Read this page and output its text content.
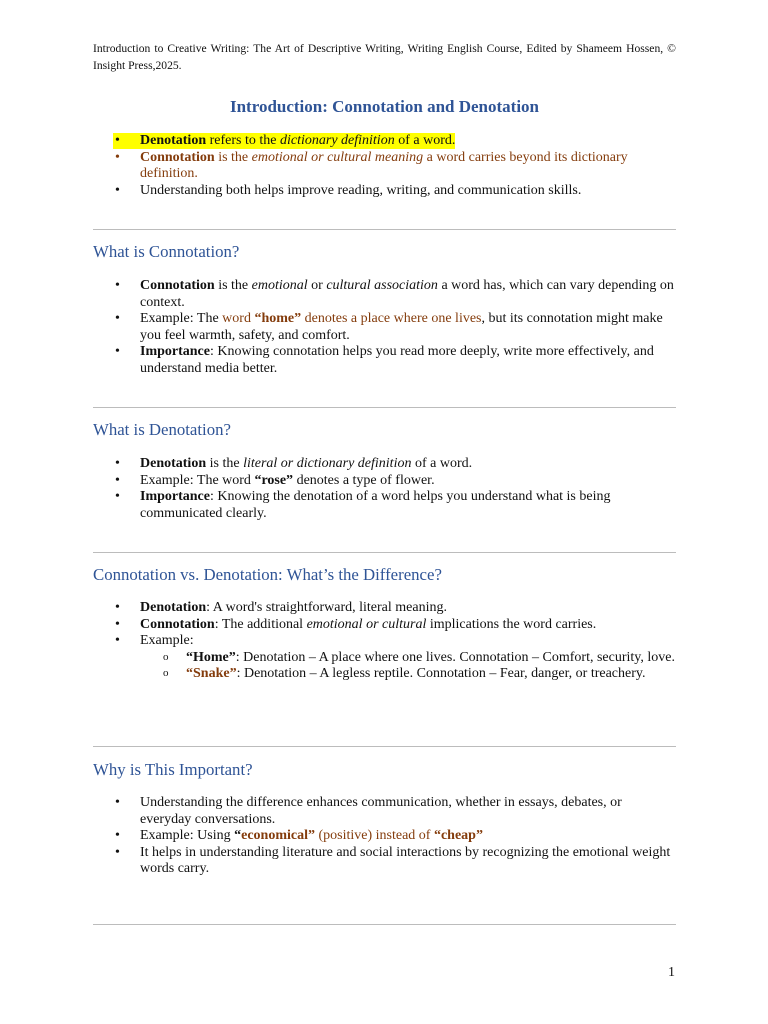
Introduction to Creative Writing: The Art of Descriptive Writing, Writing English Course, Edited by Shameem Hossen, © Insight Press,2025.
Introduction: Connotation and Denotation
• Denotation refers to the dictionary definition of a word.
• Connotation is the emotional or cultural meaning a word carries beyond its dictionary definition.
• Understanding both helps improve reading, writing, and communication skills.
What is Connotation?
• Connotation is the emotional or cultural association a word has, which can vary depending on context.
• Example: The word “home” denotes a place where one lives, but its connotation might make you feel warmth, safety, and comfort.
• Importance: Knowing connotation helps you read more deeply, write more effectively, and understand media better.
What is Denotation?
• Denotation is the literal or dictionary definition of a word.
• Example: The word “rose” denotes a type of flower.
• Importance: Knowing the denotation of a word helps you understand what is being communicated clearly.
Connotation vs. Denotation: What’s the Difference?
• Denotation: A word's straightforward, literal meaning.
• Connotation: The additional emotional or cultural implications the word carries.
• Example:
o “Home”: Denotation – A place where one lives. Connotation – Comfort, security, love.
o “Snake”: Denotation – A legless reptile. Connotation – Fear, danger, or treachery.
Why is This Important?
• Understanding the difference enhances communication, whether in essays, debates, or everyday conversations.
• Example: Using “economical” (positive) instead of “cheap”
• It helps in understanding literature and social interactions by recognizing the emotional weight words carry.
1
